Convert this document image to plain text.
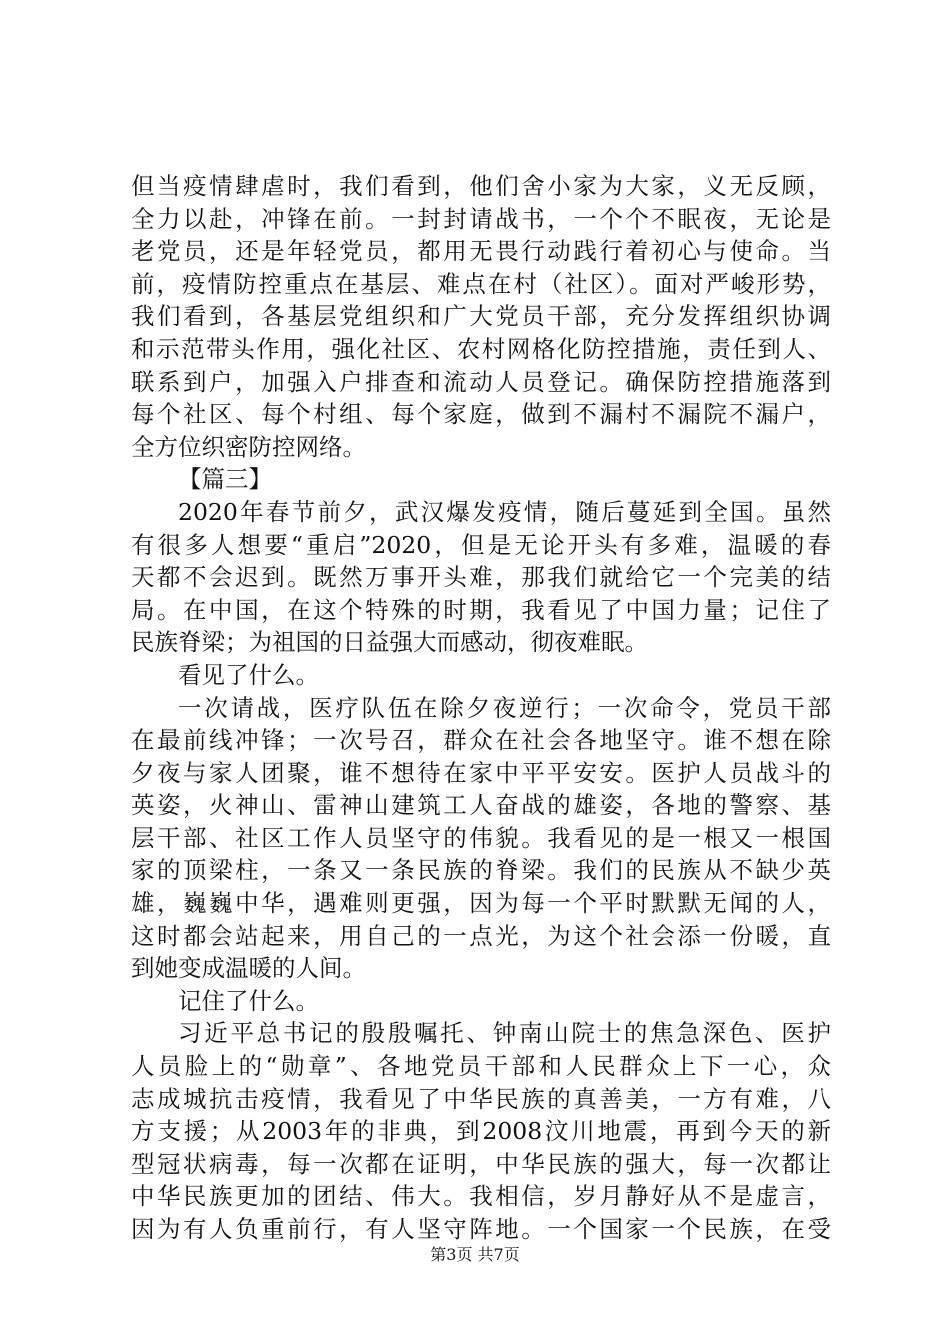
但当疫情肆虐时，我们看到，他们舍小家为大家，义无反顾，
全力以赴，冲锋在前。一封封请战书，一个个不眠夜，无论是
老党员，还是年轻党员，都用无畏行动践行着初心与使命。当
前，疫情防控重点在基层、难点在村（社区）。面对严峻形势，
我们看到，各基层党组织和广大党员干部，充分发挥组织协调
和示范带头作用，强化社区、农村网格化防控措施，责任到人、
联系到户，加强入户排查和流动人员登记。确保防控措施落到
每个社区、每个村组、每个家庭，做到不漏村不漏院不漏户，
全方位织密防控网络。
【篇三】
2020年春节前夕，武汉爆发疫情，随后蔓延到全国。虽然
有很多人想要“重启”2020，但是无论开头有多难，温暖的春
天都不会迟到。既然万事开头难，那我们就给它一个完美的结
局。在中国，在这个特殊的时期，我看见了中国力量；记住了
民族脊梁；为祖国的日益强大而感动，彻夜难眠。
看见了什么。
一次请战，医疗队伍在除夕夜逆行；一次命令，党员干部
在最前线冲锋；一次号召，群众在社会各地坚守。谁不想在除
夕夜与家人团聚，谁不想待在家中平平安安。医护人员战斗的
英姿，火神山、雷神山建筑工人奋战的雄姿，各地的警察、基
层干部、社区工作人员坚守的伟貌。我看见的是一根又一根国
家的顶梁柱，一条又一条民族的脊梁。我们的民族从不缺少英
雄，巍巍中华，遇难则更强，因为每一个平时默默无闻的人，
这时都会站起来，用自己的一点光，为这个社会添一份暖，直
到她变成温暖的人间。
记住了什么。
习近平总书记的殷殷嘱托、钟南山院士的焦急深色、医护
人员脸上的“勋章”、各地党员干部和人民群众上下一心，众
志成城抗击疫情，我看见了中华民族的真善美，一方有难，八
方支援；从2003年的非典，到2008汶川地震，再到今天的新
型冠状病毒，每一次都在证明，中华民族的强大，每一次都让
中华民族更加的团结、伟大。我相信，岁月静好从不是虚言，
因为有人负重前行，有人坚守阵地。一个国家一个民族，在受
第3页 共7页
